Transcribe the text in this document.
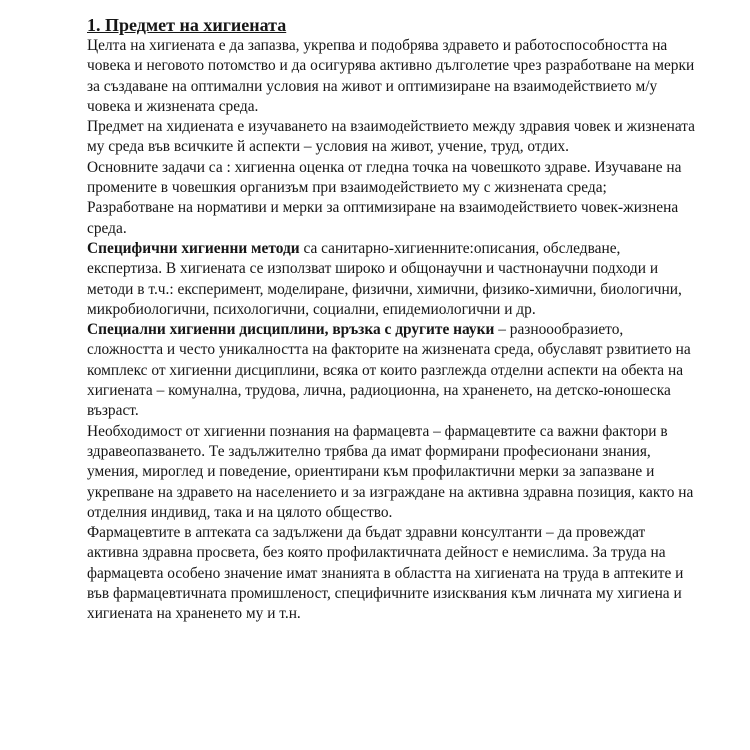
1. Предмет на хигиената

Целта на хигиената е да запазва, укрепва и подобрява здравето и работоспособността на човека и неговото потомство и да осигурява активно дълголетие чрез разработване на мерки за създаване на оптимални условия на живот и оптимизиране на взаимодействието м/у човека и жизнената среда.

Предмет на хидиената е изучаването на взаимодействието между здравия човек и жизнената му среда във всичките й аспекти – условия на живот, учение, труд, отдих.

Основните задачи са : хигиенна оценка от гледна точка на човешкото здраве. Изучаване на промените в човешкия организъм при взаимодействието му с жизнената среда; Разработване на нормативи и мерки за оптимизиране на взаимодействието човек-жизнена среда.

Специфични хигиенни методи са санитарно-хигиенните:описания, обследване, експертиза. В хигиената се използват широко и общонаучни и частнонаучни подходи и методи в т.ч.: експеримент, моделиране, физични, химични, физико-химични, биологични, микробиологични, психологични, социални, епидемиологични и др.

Специални хигиенни дисциплини, връзка с другите науки – разноообразието, сложността и често уникалността на факторите на жизнената среда, обуславят рзвитието на комплекс от хигиенни дисциплини, всяка от които разглежда отделни аспекти на обекта на хигиената – комунална, трудова, лична, радиоционна, на храненето, на детско-юношеска възраст.

Необходимост от хигиенни познания на фармацевта – фармацевтите са важни фактори в здравеопазването. Те задължително трябва да имат формирани професионани знания, умения, мироглед и поведение, ориентирани към профилактични мерки за запазване и укрепване на здравето на населението и за изграждане на активна здравна позиция, както на отделния индивид, така и на цялото общество.

Фармацевтите в аптеката са задължени да бъдат здравни консултанти – да провеждат активна здравна просвета, без която профилактичната дейност е немислима. За труда на фармацевта особено значение имат знанията в областта на хигиената на труда в аптеките и във фармацевтичната промишленост, специфичните изисквания към личната му хигиена и хигиената на храненето му и т.н.
